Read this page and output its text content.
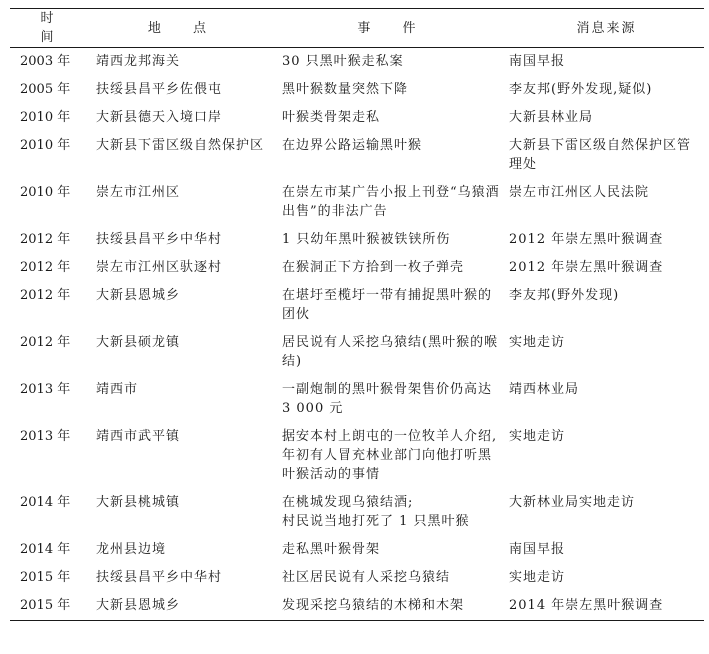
时 间	地 点	事 件	消息来源

2003 年	靖西龙邦海关	30 只黑叶猴走私案	南国早报

2005 年	扶绥县昌平乡佐偎屯	黑叶猴数量突然下降	李友邦(野外发现,疑似)

2010 年	大新县德天入境口岸	叶猴类骨架走私	大新县林业局

2010 年	大新县下雷区级自然保护区	在边界公路运输黑叶猴	大新县下雷区级自然保护区管理处

2010 年	崇左市江州区	在崇左市某广告小报上刊登“乌猿酒出售”的非法广告	崇左市江州区人民法院

2012 年	扶绥县昌平乡中华村	1 只幼年黑叶猴被铁铗所伤	2012 年崇左黑叶猴调查

2012 年	崇左市江州区驮逐村	在猴洞正下方拾到一枚子弹壳	2012 年崇左黑叶猴调查

2012 年	大新县恩城乡	在堪圩至榄圩一带有捕捉黑叶猴的团伙	李友邦(野外发现)

2012 年	大新县硕龙镇	居民说有人采挖乌猿结(黑叶猴的喉结)	实地走访

2013 年	靖西市	一副炮制的黑叶猴骨架售价仍高达 3 000 元	靖西林业局

2013 年	靖西市武平镇	据安本村上朗屯的一位牧羊人介绍,年初有人冒充林业部门向他打听黑叶猴活动的事情	实地走访

2014 年	大新县桃城镇	在桃城发现乌猿结酒;
村民说当地打死了 1 只黑叶猴	大新林业局实地走访

2014 年	龙州县边境	走私黑叶猴骨架	南国早报

2015 年	扶绥县昌平乡中华村	社区居民说有人采挖乌猿结	实地走访

2015 年	大新县恩城乡	发现采挖乌猿结的木梯和木架	2014 年崇左黑叶猴调查
